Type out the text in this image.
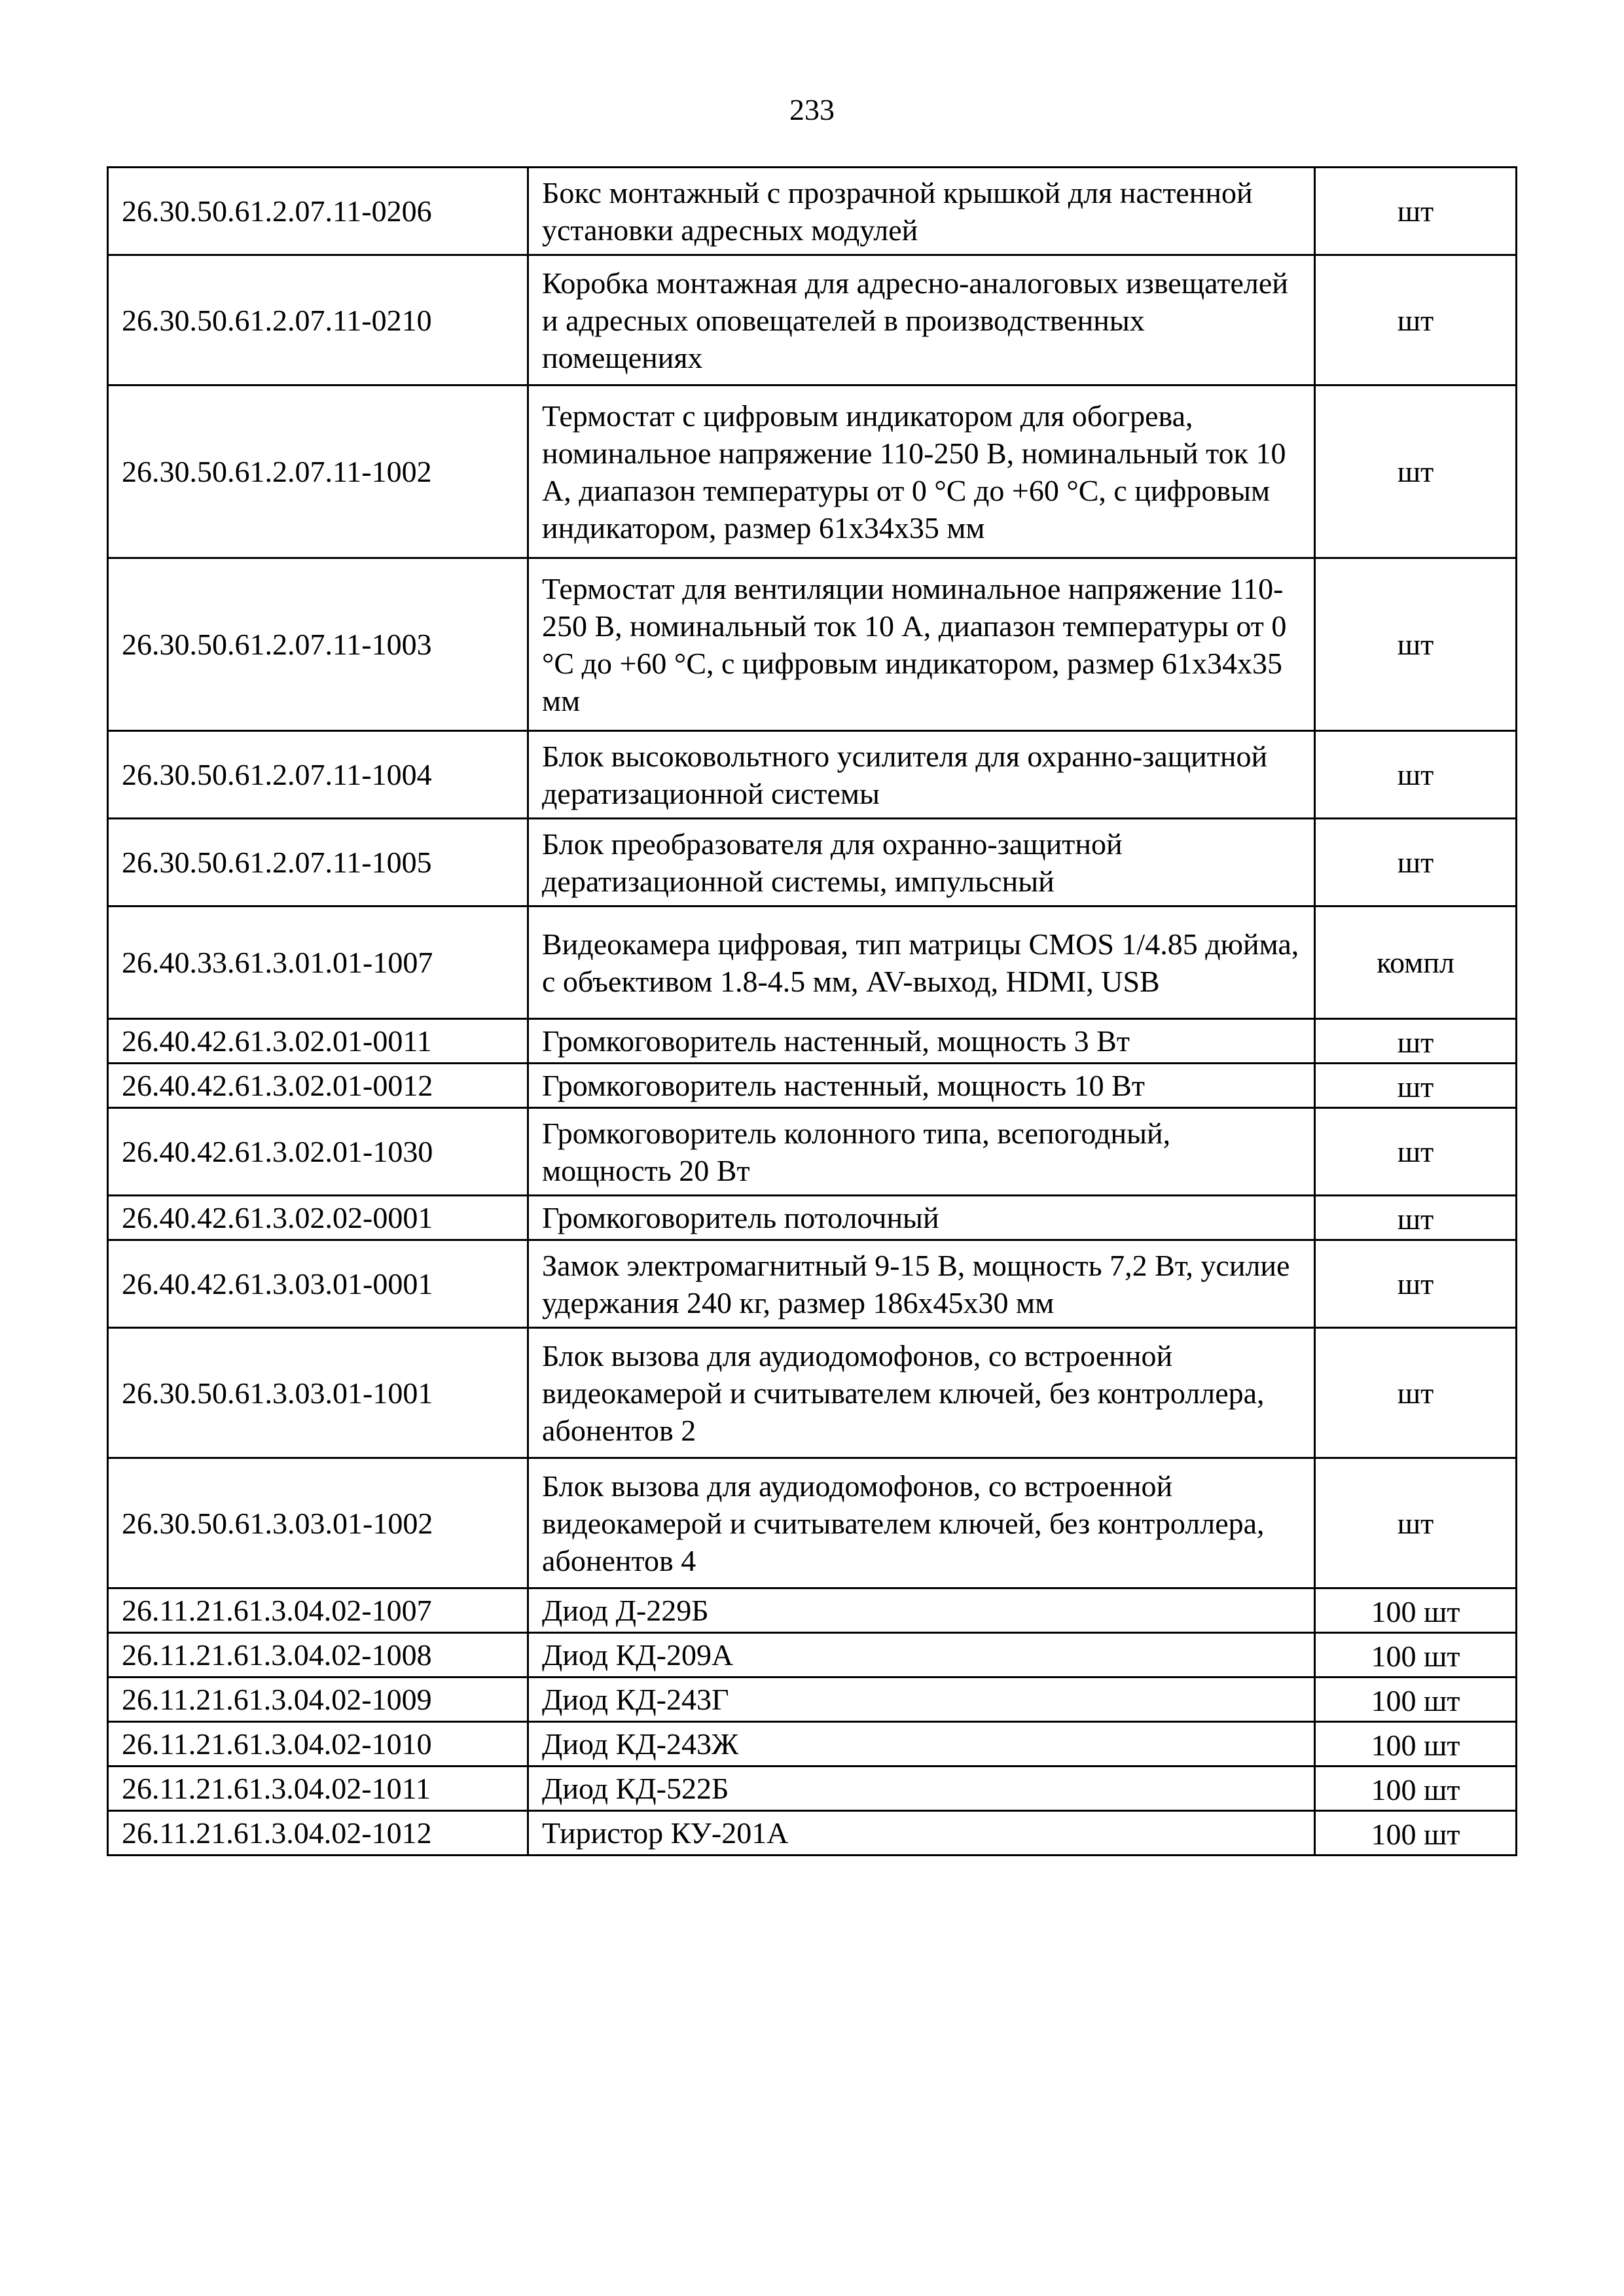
233
26.30.50.61.2.07.11-0206	Бокс монтажный с прозрачной крышкой для настенной установки адресных модулей	шт
26.30.50.61.2.07.11-0210	Коробка монтажная для адресно-аналоговых извещателей и адресных оповещателей в производственных помещениях	шт
26.30.50.61.2.07.11-1002	Термостат с цифровым индикатором для обогрева, номинальное напряжение 110-250 В, номинальный ток 10 А, диапазон температуры от 0 °С до +60 °С, с цифровым индикатором, размер 61х34х35 мм	шт
26.30.50.61.2.07.11-1003	Термостат для вентиляции номинальное напряжение 110-250 В, номинальный ток 10 А, диапазон температуры от 0 °С до +60 °С, с цифровым индикатором, размер 61х34х35 мм	шт
26.30.50.61.2.07.11-1004	Блок высоковольтного усилителя для охранно-защитной дератизационной системы	шт
26.30.50.61.2.07.11-1005	Блок преобразователя для охранно-защитной дератизационной системы, импульсный	шт
26.40.33.61.3.01.01-1007	Видеокамера цифровая, тип матрицы CMOS 1/4.85 дюйма, с объективом 1.8-4.5 мм, AV-выход, HDMI, USB	компл
26.40.42.61.3.02.01-0011	Громкоговоритель настенный, мощность 3 Вт	шт
26.40.42.61.3.02.01-0012	Громкоговоритель настенный, мощность 10 Вт	шт
26.40.42.61.3.02.01-1030	Громкоговоритель колонного типа, всепогодный, мощность 20 Вт	шт
26.40.42.61.3.02.02-0001	Громкоговоритель потолочный	шт
26.40.42.61.3.03.01-0001	Замок электромагнитный 9-15 В, мощность 7,2 Вт, усилие удержания 240 кг, размер 186х45х30 мм	шт
26.30.50.61.3.03.01-1001	Блок вызова для аудиодомофонов, со встроенной видеокамерой и считывателем ключей, без контроллера, абонентов 2	шт
26.30.50.61.3.03.01-1002	Блок вызова для аудиодомофонов, со встроенной видеокамерой и считывателем ключей, без контроллера, абонентов 4	шт
26.11.21.61.3.04.02-1007	Диод Д-229Б	100 шт
26.11.21.61.3.04.02-1008	Диод КД-209А	100 шт
26.11.21.61.3.04.02-1009	Диод КД-243Г	100 шт
26.11.21.61.3.04.02-1010	Диод КД-243Ж	100 шт
26.11.21.61.3.04.02-1011	Диод КД-522Б	100 шт
26.11.21.61.3.04.02-1012	Тиристор КУ-201А	100 шт
